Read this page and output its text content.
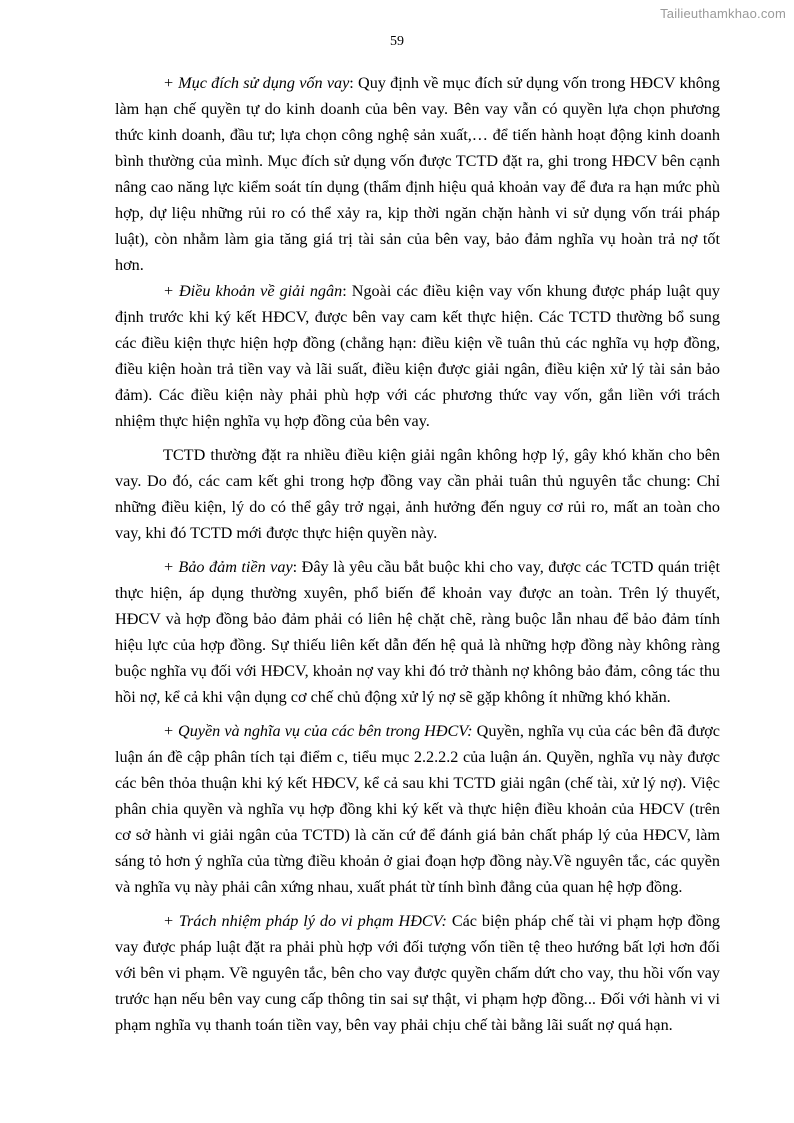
Tailieuthamkhao.com
59

+ Mục đích sử dụng vốn vay: Quy định về mục đích sử dụng vốn trong HĐCV không làm hạn chế quyền tự do kinh doanh của bên vay. Bên vay vẫn có quyền lựa chọn phương thức kinh doanh, đầu tư; lựa chọn công nghệ sản xuất,… để tiến hành hoạt động kinh doanh bình thường của mình. Mục đích sử dụng vốn được TCTD đặt ra, ghi trong HĐCV bên cạnh nâng cao năng lực kiểm soát tín dụng (thẩm định hiệu quả khoản vay để đưa ra hạn mức phù hợp, dự liệu những rủi ro có thể xảy ra, kịp thời ngăn chặn hành vi sử dụng vốn trái pháp luật), còn nhằm làm gia tăng giá trị tài sản của bên vay, bảo đảm nghĩa vụ hoàn trả nợ tốt hơn.

+ Điều khoản về giải ngân: Ngoài các điều kiện vay vốn khung được pháp luật quy định trước khi ký kết HĐCV, được bên vay cam kết thực hiện. Các TCTD thường bổ sung các điều kiện thực hiện hợp đồng (chẳng hạn: điều kiện về tuân thủ các nghĩa vụ hợp đồng, điều kiện hoàn trả tiền vay và lãi suất, điều kiện được giải ngân, điều kiện xử lý tài sản bảo đảm). Các điều kiện này phải phù hợp với các phương thức vay vốn, gắn liền với trách nhiệm thực hiện nghĩa vụ hợp đồng của bên vay.

TCTD thường đặt ra nhiều điều kiện giải ngân không hợp lý, gây khó khăn cho bên vay. Do đó, các cam kết ghi trong hợp đồng vay cần phải tuân thủ nguyên tắc chung: Chỉ những điều kiện, lý do có thể gây trở ngại, ảnh hưởng đến nguy cơ rủi ro, mất an toàn cho vay, khi đó TCTD mới được thực hiện quyền này.

+ Bảo đảm tiền vay: Đây là yêu cầu bắt buộc khi cho vay, được các TCTD quán triệt thực hiện, áp dụng thường xuyên, phổ biến để khoản vay được an toàn. Trên lý thuyết, HĐCV và hợp đồng bảo đảm phải có liên hệ chặt chẽ, ràng buộc lẫn nhau để bảo đảm tính hiệu lực của hợp đồng. Sự thiếu liên kết dẫn đến hệ quả là những hợp đồng này không ràng buộc nghĩa vụ đối với HĐCV, khoản nợ vay khi đó trở thành nợ không bảo đảm, công tác thu hồi nợ, kể cả khi vận dụng cơ chế chủ động xử lý nợ sẽ gặp không ít những khó khăn.

+ Quyền và nghĩa vụ của các bên trong HĐCV: Quyền, nghĩa vụ của các bên đã được luận án đề cập phân tích tại điểm c, tiểu mục 2.2.2.2 của luận án. Quyền, nghĩa vụ này được các bên thỏa thuận khi ký kết HĐCV, kể cả sau khi TCTD giải ngân (chế tài, xử lý nợ). Việc phân chia quyền và nghĩa vụ hợp đồng khi ký kết và thực hiện điều khoản của HĐCV (trên cơ sở hành vi giải ngân của TCTD) là căn cứ để đánh giá bản chất pháp lý của HĐCV, làm sáng tỏ hơn ý nghĩa của từng điều khoản ở giai đoạn hợp đồng này.Về nguyên tắc, các quyền và nghĩa vụ này phải cân xứng nhau, xuất phát từ tính bình đẳng của quan hệ hợp đồng.

+ Trách nhiệm pháp lý do vi phạm HĐCV: Các biện pháp chế tài vi phạm hợp đồng vay được pháp luật đặt ra phải phù hợp với đối tượng vốn tiền tệ theo hướng bất lợi hơn đối với bên vi phạm. Về nguyên tắc, bên cho vay được quyền chấm dứt cho vay, thu hồi vốn vay trước hạn nếu bên vay cung cấp thông tin sai sự thật, vi phạm hợp đồng... Đối với hành vi vi phạm nghĩa vụ thanh toán tiền vay, bên vay phải chịu chế tài bằng lãi suất nợ quá hạn.
